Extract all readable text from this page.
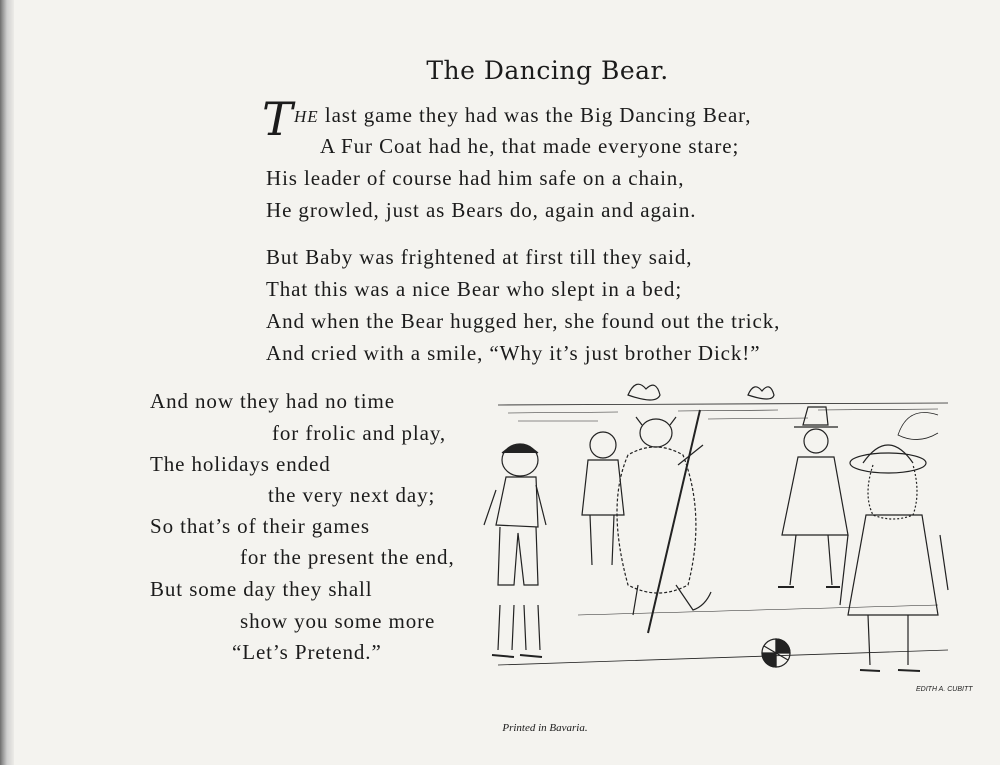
The Dancing Bear.
T HE last game they had was the Big Dancing Bear,
A Fur Coat had he, that made everyone stare;
His leader of course had him safe on a chain,
He growled, just as Bears do, again and again.
But Baby was frightened at first till they said,
That this was a nice Bear who slept in a bed;
And when the Bear hugged her, she found out the trick,
And cried with a smile, “Why it’s just brother Dick!”
And now they had no time
for frolic and play,
The holidays ended
the very next day;
So that’s of their games
for the present the end,
But some day they shall
show you some more
“Let’s Pretend.”
EDITH A. CUBITT
Printed in Bavaria.
